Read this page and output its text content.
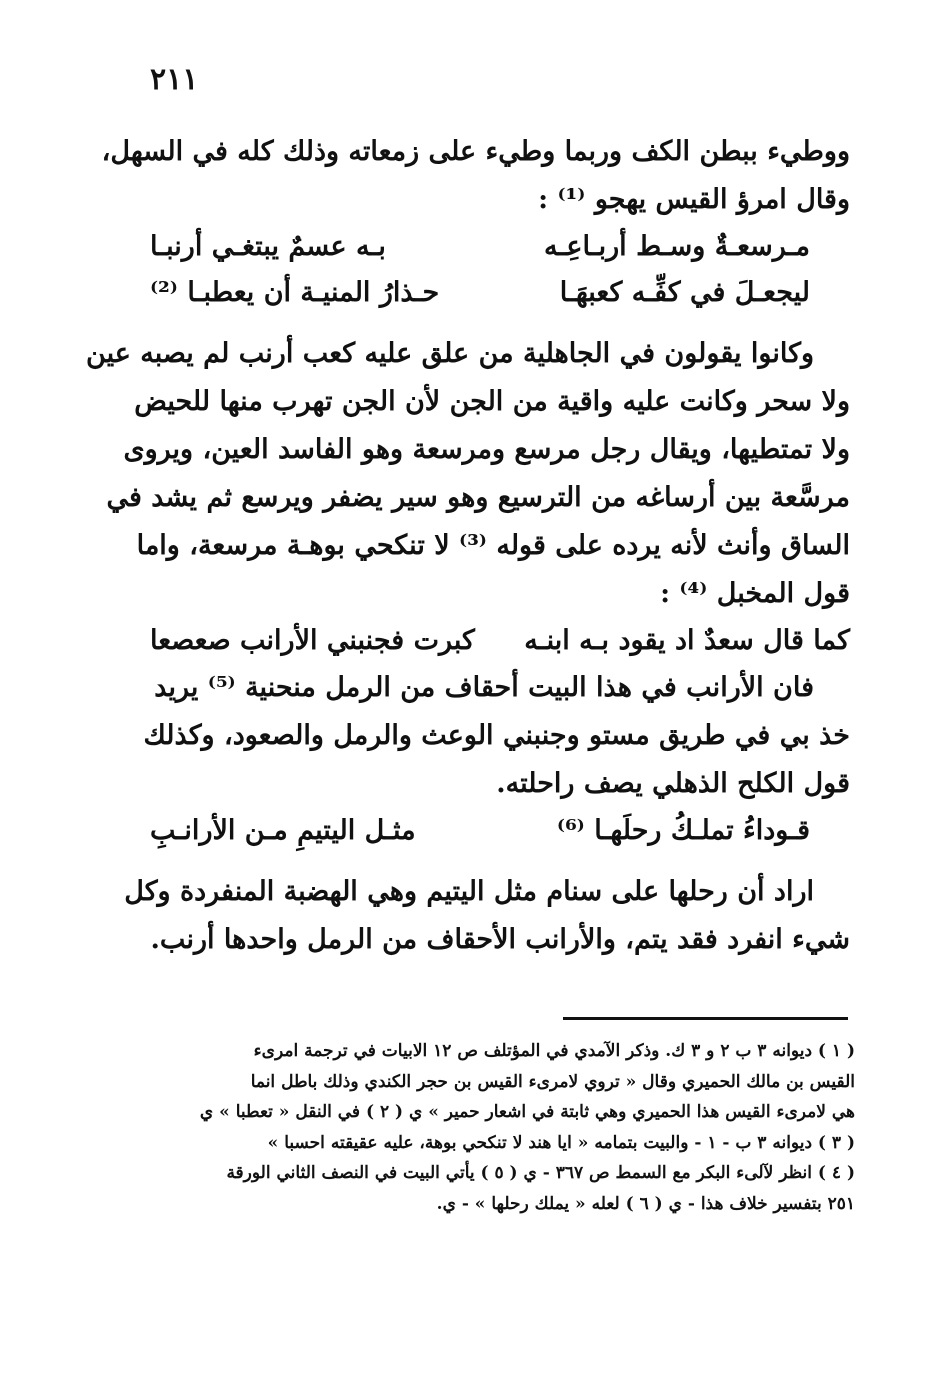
٢١١
ووطيء ببطن الكف وربما وطيء على زمعاته وذلك كله في السهل،
وقال امرؤ القيس يهجو ⁽¹⁾ :
مـرسعـةٌ وسـط أربـاعِـه
بـه عسمٌ يبتغـي أرنبـا
ليجعـلَ في كفِّـه كعبهَـا
حـذارُ المنيـة أن يعطبـا ⁽²⁾
وكانوا يقولون في الجاهلية من علق عليه كعب أرنب لم يصبه عين
ولا سحر وكانت عليه واقية من الجن لأن الجن تهرب منها للحيض
ولا تمتطيها، ويقال رجل مرسع ومرسعة وهو الفاسد العين، ويروى
مرسَّعة بين أرساغه من الترسيع وهو سير يضفر ويرسع ثم يشد في
الساق وأنث لأنه يرده على قوله ⁽³⁾ لا تنكحي بوهـة مرسعة، واما
قول المخبل ⁽⁴⁾ :
كما قال سعدٌ اد يقود بـه ابنـه
كبرت فجنبني الأرانب صعصعا
فان الأرانب في هذا البيت أحقاف من الرمل منحنية ⁽⁵⁾ يريد
خذ بي في طريق مستو وجنبني الوعث والرمل والصعود، وكذلك
قول الكلح الذهلي يصف راحلته.
قـوداءُ تملـكُ رحلَهـا ⁽⁶⁾
مثـل اليتيمِ مـن الأرانـبِ
اراد أن رحلها على سنام مثل اليتيم وهي الهضبة المنفردة وكل
شيء انفرد فقد يتم، والأرانب الأحقاف من الرمل واحدها أرنب.
( ١ ) ديوانه ٣ ب ٢ و ٣ ك. وذكر الآمدي في المؤتلف ص ١٢ الابيات في ترجمة امرىء
القيس بن مالك الحميري وقال « تروي لامرىء القيس بن حجر الكندي وذلك باطل انما
هي لامرىء القيس هذا الحميري وهي ثابتة في اشعار حمير » ي ( ٢ ) في النقل « تعطبا » ي
( ٣ ) ديوانه ٣ ب - ١ - والبيت بتمامه « ايا هند لا تنكحي بوهة، عليه عقيقته احسبا »
( ٤ ) انظر لآلىء البكر مع السمط ص ٣٦٧ - ي ( ٥ ) يأتي البيت في النصف الثاني الورقة
٢٥١ بتفسير خلاف هذا - ي ( ٦ ) لعله « يملك رحلها » - ي.
